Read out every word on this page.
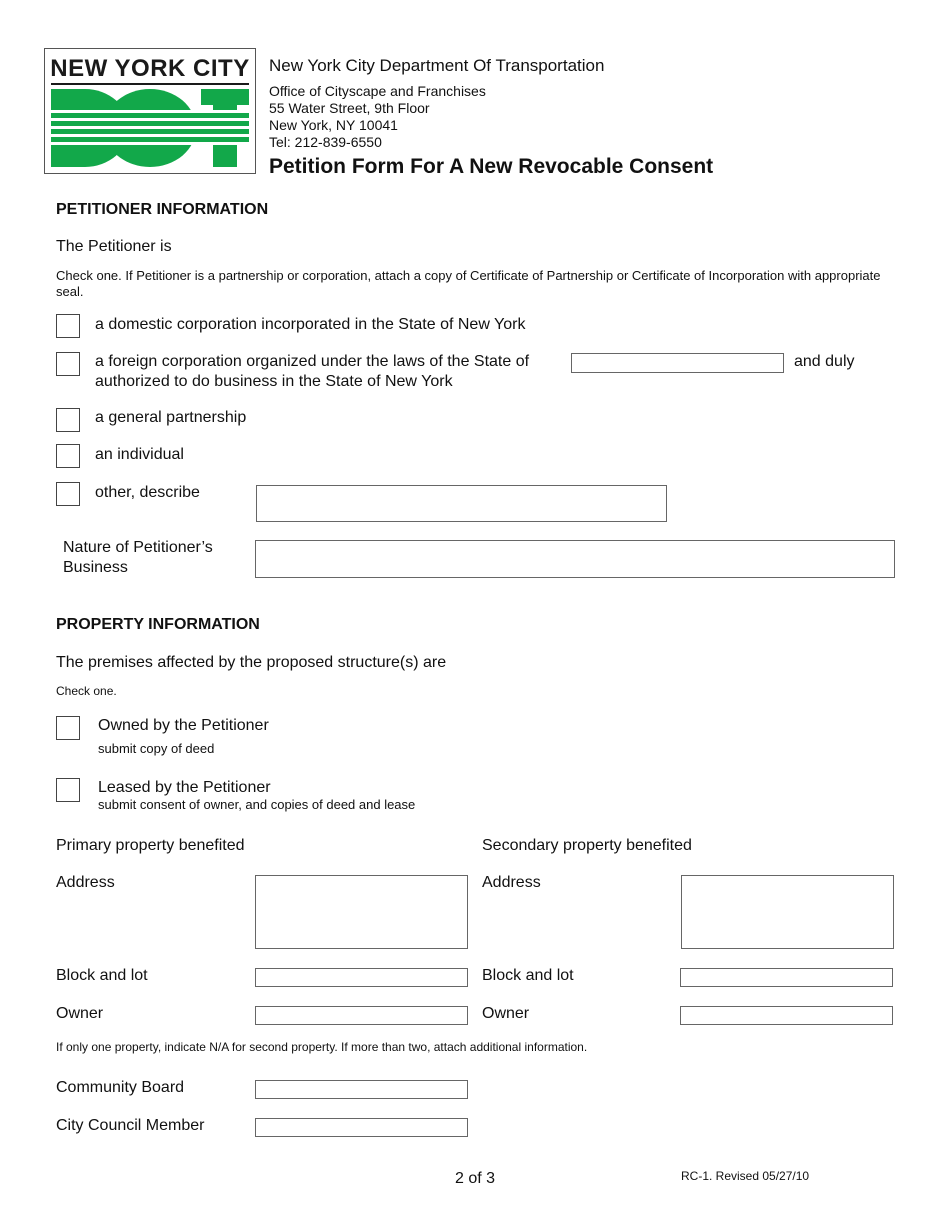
NEW YORK CITY	New York City Department Of Transportation
Office of Cityscape and Franchises
55 Water Street, 9th Floor
New York, NY 10041
Tel: 212-839-6550
Petition Form For A New Revocable Consent
PETITIONER INFORMATION
The Petitioner is
Check one. If Petitioner is a partnership or corporation, attach a copy of Certificate of Partnership or Certificate of Incorporation with appropriate seal.
a domestic corporation incorporated in the State of New York
a foreign corporation organized under the laws of the State of	and duly
authorized to do business in the State of New York
a general partnership
an individual
other, describe
Nature of Petitioner’s
Business
PROPERTY INFORMATION
The premises affected by the proposed structure(s) are
Check one.
Owned by the Petitioner
submit copy of deed
Leased by the Petitioner
submit consent of owner, and copies of deed and lease
Primary property benefited
Address
Block and lot
Owner
Secondary property benefited
Address
Block and lot
Owner
If only one property, indicate N/A for second property. If more than two, attach additional information.
Community Board
City Council Member
2 of 3	RC-1. Revised 05/27/10
